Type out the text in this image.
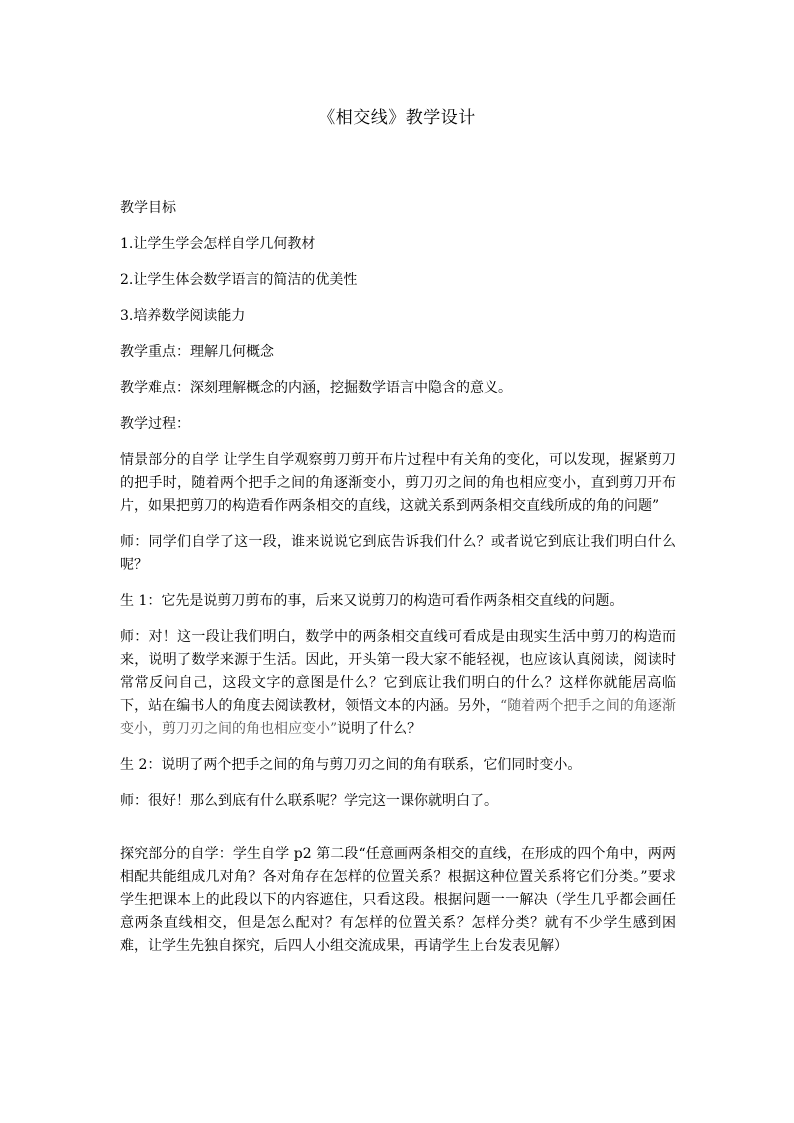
《相交线》教学设计

教学目标

1.让学生学会怎样自学几何教材

2.让学生体会数学语言的简洁的优美性

3.培养数学阅读能力

教学重点：理解几何概念

教学难点：深刻理解概念的内涵，挖掘数学语言中隐含的意义。

教学过程：

情景部分的自学 让学生自学观察剪刀剪开布片过程中有关角的变化，可以发现，握紧剪刀的把手时，随着两个把手之间的角逐渐变小，剪刀刃之间的角也相应变小，直到剪刀开布片，如果把剪刀的构造看作两条相交的直线，这就关系到两条相交直线所成的角的问题”

师：同学们自学了这一段，谁来说说它到底告诉我们什么？或者说它到底让我们明白什么呢？

生 1：它先是说剪刀剪布的事，后来又说剪刀的构造可看作两条相交直线的问题。

师：对！这一段让我们明白，数学中的两条相交直线可看成是由现实生活中剪刀的构造而来，说明了数学来源于生活。因此，开头第一段大家不能轻视，也应该认真阅读，阅读时常常反问自己，这段文字的意图是什么？它到底让我们明白的什么？这样你就能居高临下，站在编书人的角度去阅读教材，领悟文本的内涵。另外，“随着两个把手之间的角逐渐变小，剪刀刃之间的角也相应变小”说明了什么？

生 2：说明了两个把手之间的角与剪刀刃之间的角有联系，它们同时变小。

师：很好！那么到底有什么联系呢？学完这一课你就明白了。

探究部分的自学：学生自学 p2 第二段“任意画两条相交的直线，在形成的四个角中，两两相配共能组成几对角？各对角存在怎样的位置关系？根据这种位置关系将它们分类。”要求学生把课本上的此段以下的内容遮住，只看这段。根据问题一一解决（学生几乎都会画任意两条直线相交，但是怎么配对？有怎样的位置关系？怎样分类？就有不少学生感到困难，让学生先独自探究，后四人小组交流成果，再请学生上台发表见解）
